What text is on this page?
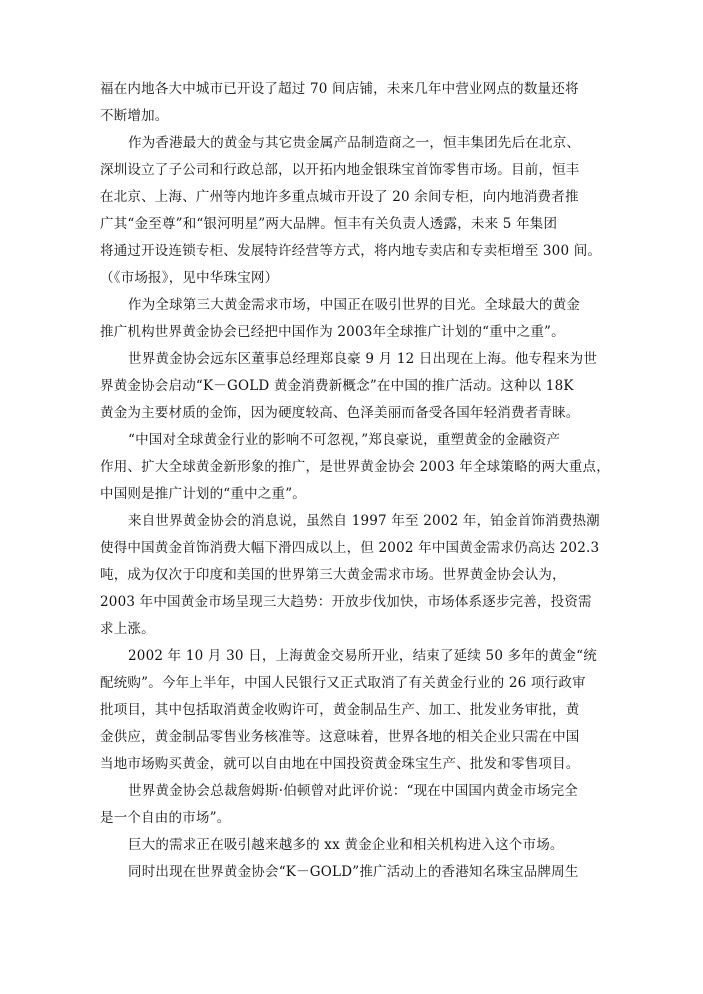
福在内地各大中城市已开设了超过 70 间店铺，未来几年中营业网点的数量还将
不断增加。
作为香港最大的黄金与其它贵金属产品制造商之一，恒丰集团先后在北京、
深圳设立了子公司和行政总部，以开拓内地金银珠宝首饰零售市场。目前，恒丰
在北京、上海、广州等内地许多重点城市开设了 20 余间专柜，向内地消费者推
广其“金至尊”和“银河明星”两大品牌。恒丰有关负责人透露，未来 5 年集团
将通过开设连锁专柜、发展特许经营等方式，将内地专卖店和专卖柜增至 300 间。
（《市场报》，见中华珠宝网）
作为全球第三大黄金需求市场，中国正在吸引世界的目光。全球最大的黄金
推广机构世界黄金协会已经把中国作为 2003年全球推广计划的“重中之重”。
世界黄金协会远东区董事总经理郑良豪 9 月 12 日出现在上海。他专程来为世
界黄金协会启动“K－GOLD 黄金消费新概念”在中国的推广活动。这种以 18K
黄金为主要材质的金饰，因为硬度较高、色泽美丽而备受各国年轻消费者青睐。
“中国对全球黄金行业的影响不可忽视，”郑良豪说，重塑黄金的金融资产
作用、扩大全球黄金新形象的推广，是世界黄金协会 2003 年全球策略的两大重点，
中国则是推广计划的“重中之重”。
来自世界黄金协会的消息说，虽然自 1997 年至 2002 年，铂金首饰消费热潮
使得中国黄金首饰消费大幅下滑四成以上，但 2002 年中国黄金需求仍高达 202.3
吨，成为仅次于印度和美国的世界第三大黄金需求市场。世界黄金协会认为，
2003 年中国黄金市场呈现三大趋势：开放步伐加快，市场体系逐步完善，投资需
求上涨。
2002 年 10 月 30 日，上海黄金交易所开业，结束了延续 50 多年的黄金“统
配统购”。今年上半年，中国人民银行又正式取消了有关黄金行业的 26 项行政审
批项目，其中包括取消黄金收购许可，黄金制品生产、加工、批发业务审批，黄
金供应，黄金制品零售业务核准等。这意味着，世界各地的相关企业只需在中国
当地市场购买黄金，就可以自由地在中国投资黄金珠宝生产、批发和零售项目。
世界黄金协会总裁詹姆斯·伯顿曾对此评价说：“现在中国国内黄金市场完全
是一个自由的市场”。
巨大的需求正在吸引越来越多的 xx 黄金企业和相关机构进入这个市场。
同时出现在世界黄金协会“K－GOLD”推广活动上的香港知名珠宝品牌周生
